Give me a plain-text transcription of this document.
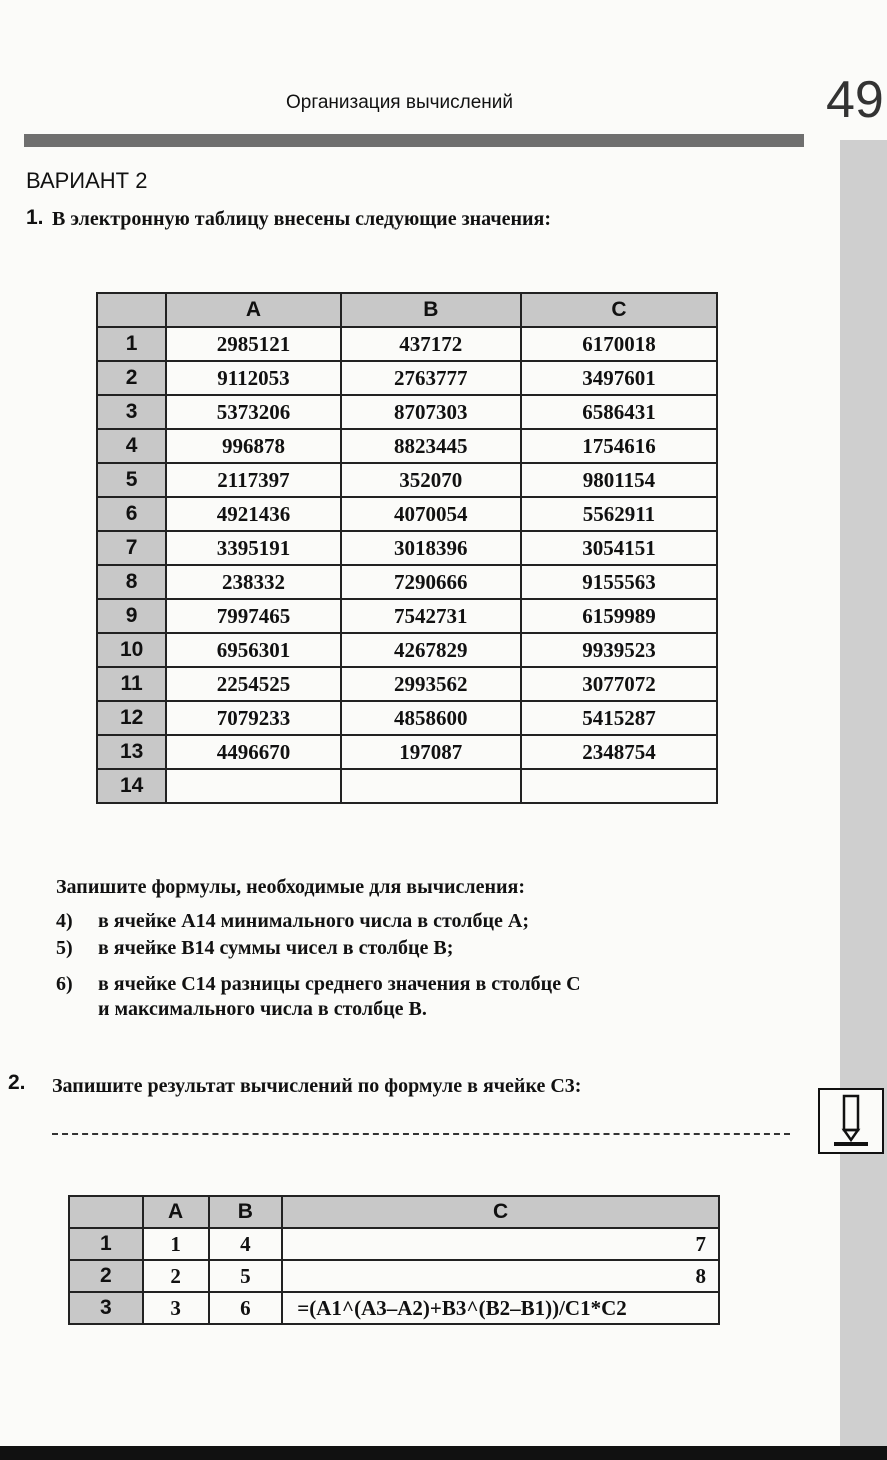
Организация вычислений	49
ВАРИАНТ 2
1. В электронную таблицу внесены следующие значения:
	A	B	C
1	2985121	437172	6170018
2	9112053	2763777	3497601
3	5373206	8707303	6586431
4	996878	8823445	1754616
5	2117397	352070	9801154
6	4921436	4070054	5562911
7	3395191	3018396	3054151
8	238332	7290666	9155563
9	7997465	7542731	6159989
10	6956301	4267829	9939523
11	2254525	2993562	3077072
12	7079233	4858600	5415287
13	4496670	197087	2348754
14			
Запишите формулы, необходимые для вычисления:
4) в ячейке A14 минимального числа в столбце A;
5) в ячейке B14 суммы чисел в столбце B;
6) в ячейке C14 разницы среднего значения в столбце C
и максимального числа в столбце B.
2. Запишите результат вычислений по формуле в ячейке С3:
	A	B	C
1	1	4	7
2	2	5	8
3	3	6	=(A1^(A3–A2)+B3^(B2–B1))/C1*C2
